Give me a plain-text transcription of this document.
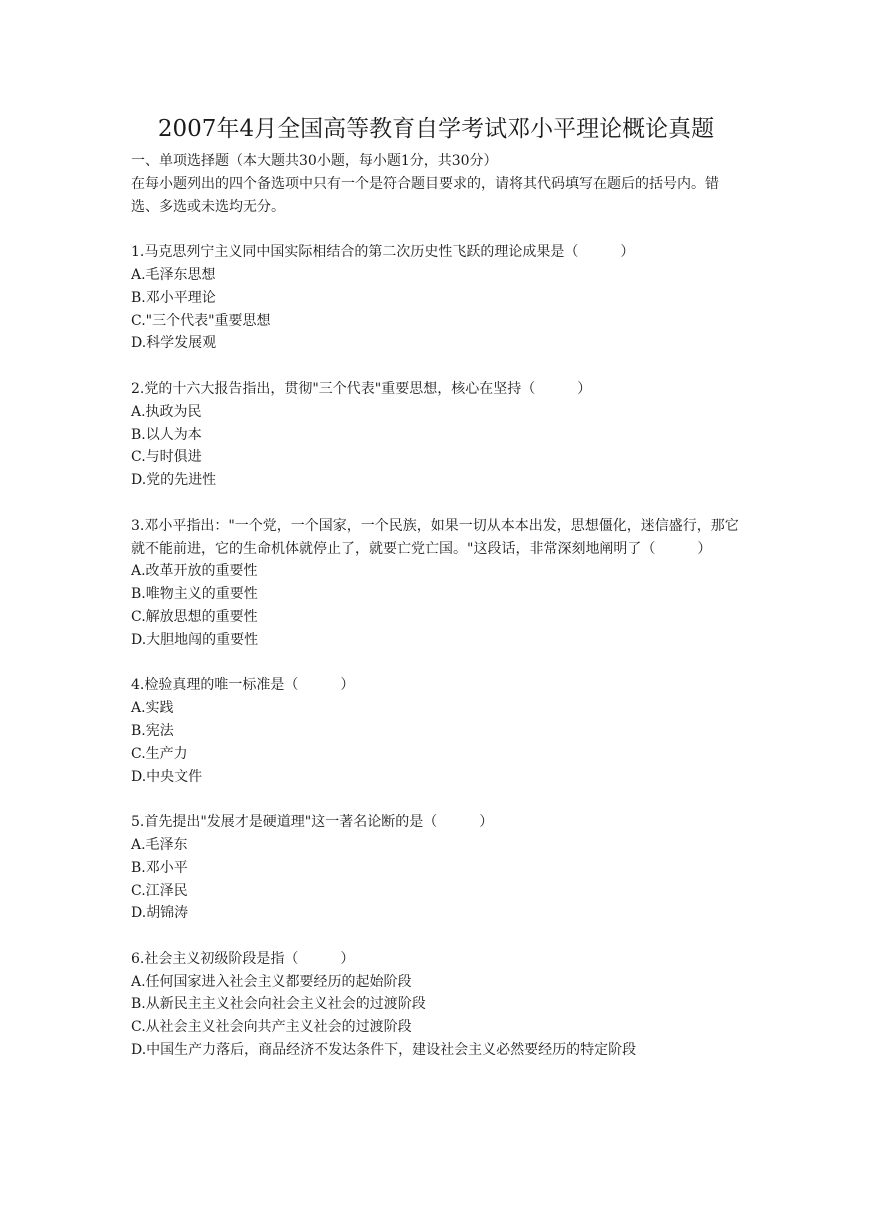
2007年4月全国高等教育自学考试邓小平理论概论真题
一、单项选择题（本大题共30小题，每小题1分，共30分）
在每小题列出的四个备选项中只有一个是符合题目要求的，请将其代码填写在题后的括号内。错选、多选或未选均无分。
1.马克思列宁主义同中国实际相结合的第二次历史性飞跃的理论成果是（　　　）
A.毛泽东思想
B.邓小平理论
C."三个代表"重要思想
D.科学发展观
2.党的十六大报告指出，贯彻"三个代表"重要思想，核心在坚持（　　　）
A.执政为民
B.以人为本
C.与时俱进
D.党的先进性
3.邓小平指出："一个党，一个国家，一个民族，如果一切从本本出发，思想僵化，迷信盛行，那它就不能前进，它的生命机体就停止了，就要亡党亡国。"这段话，非常深刻地阐明了（　　　）
A.改革开放的重要性
B.唯物主义的重要性
C.解放思想的重要性
D.大胆地闯的重要性
4.检验真理的唯一标准是（　　　）
A.实践
B.宪法
C.生产力
D.中央文件
5.首先提出"发展才是硬道理"这一著名论断的是（　　　）
A.毛泽东
B.邓小平
C.江泽民
D.胡锦涛
6.社会主义初级阶段是指（　　　）
A.任何国家进入社会主义都要经历的起始阶段
B.从新民主主义社会向社会主义社会的过渡阶段
C.从社会主义社会向共产主义社会的过渡阶段
D.中国生产力落后，商品经济不发达条件下，建设社会主义必然要经历的特定阶段
